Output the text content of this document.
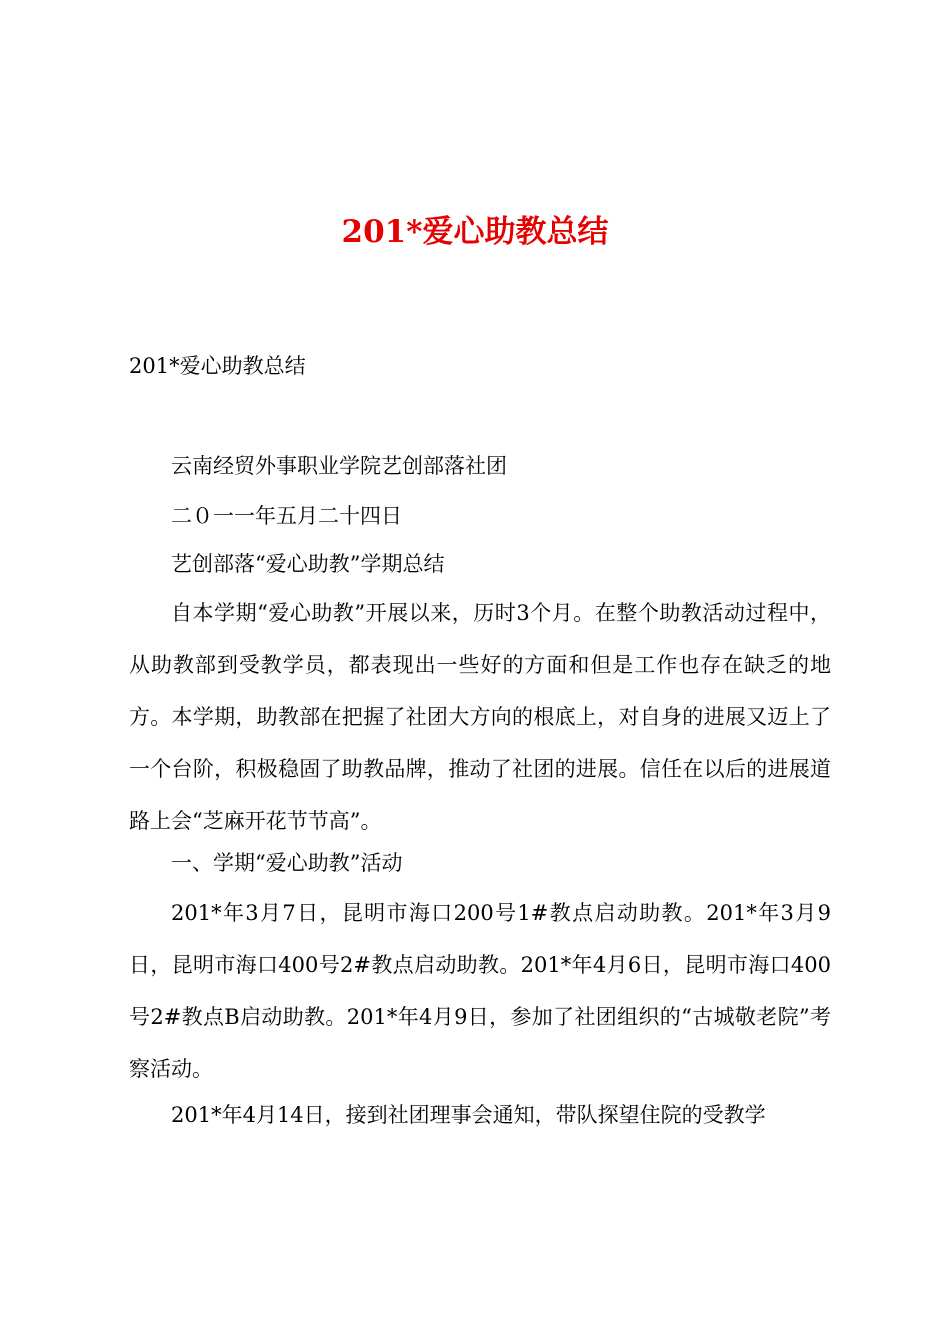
201*爱心助教总结
201*爱心助教总结
云南经贸外事职业学院艺创部落社团
二０一一年五月二十四日
艺创部落“爱心助教”学期总结
自本学期“爱心助教”开展以来，历时3个月。在整个助教活动过程中，从助教部到受教学员，都表现出一些好的方面和但是工作也存在缺乏的地方。本学期，助教部在把握了社团大方向的根底上，对自身的进展又迈上了一个台阶，积极稳固了助教品牌，推动了社团的进展。信任在以后的进展道路上会“芝麻开花节节高”。
一、学期“爱心助教”活动
201*年3月7日，昆明市海口200号1#教点启动助教。201*年3月9日，昆明市海口400号2#教点启动助教。201*年4月6日，昆明市海口400号2#教点B启动助教。201*年4月9日，参加了社团组织的“古城敬老院”考察活动。
201*年4月14日，接到社团理事会通知，带队探望住院的受教学
